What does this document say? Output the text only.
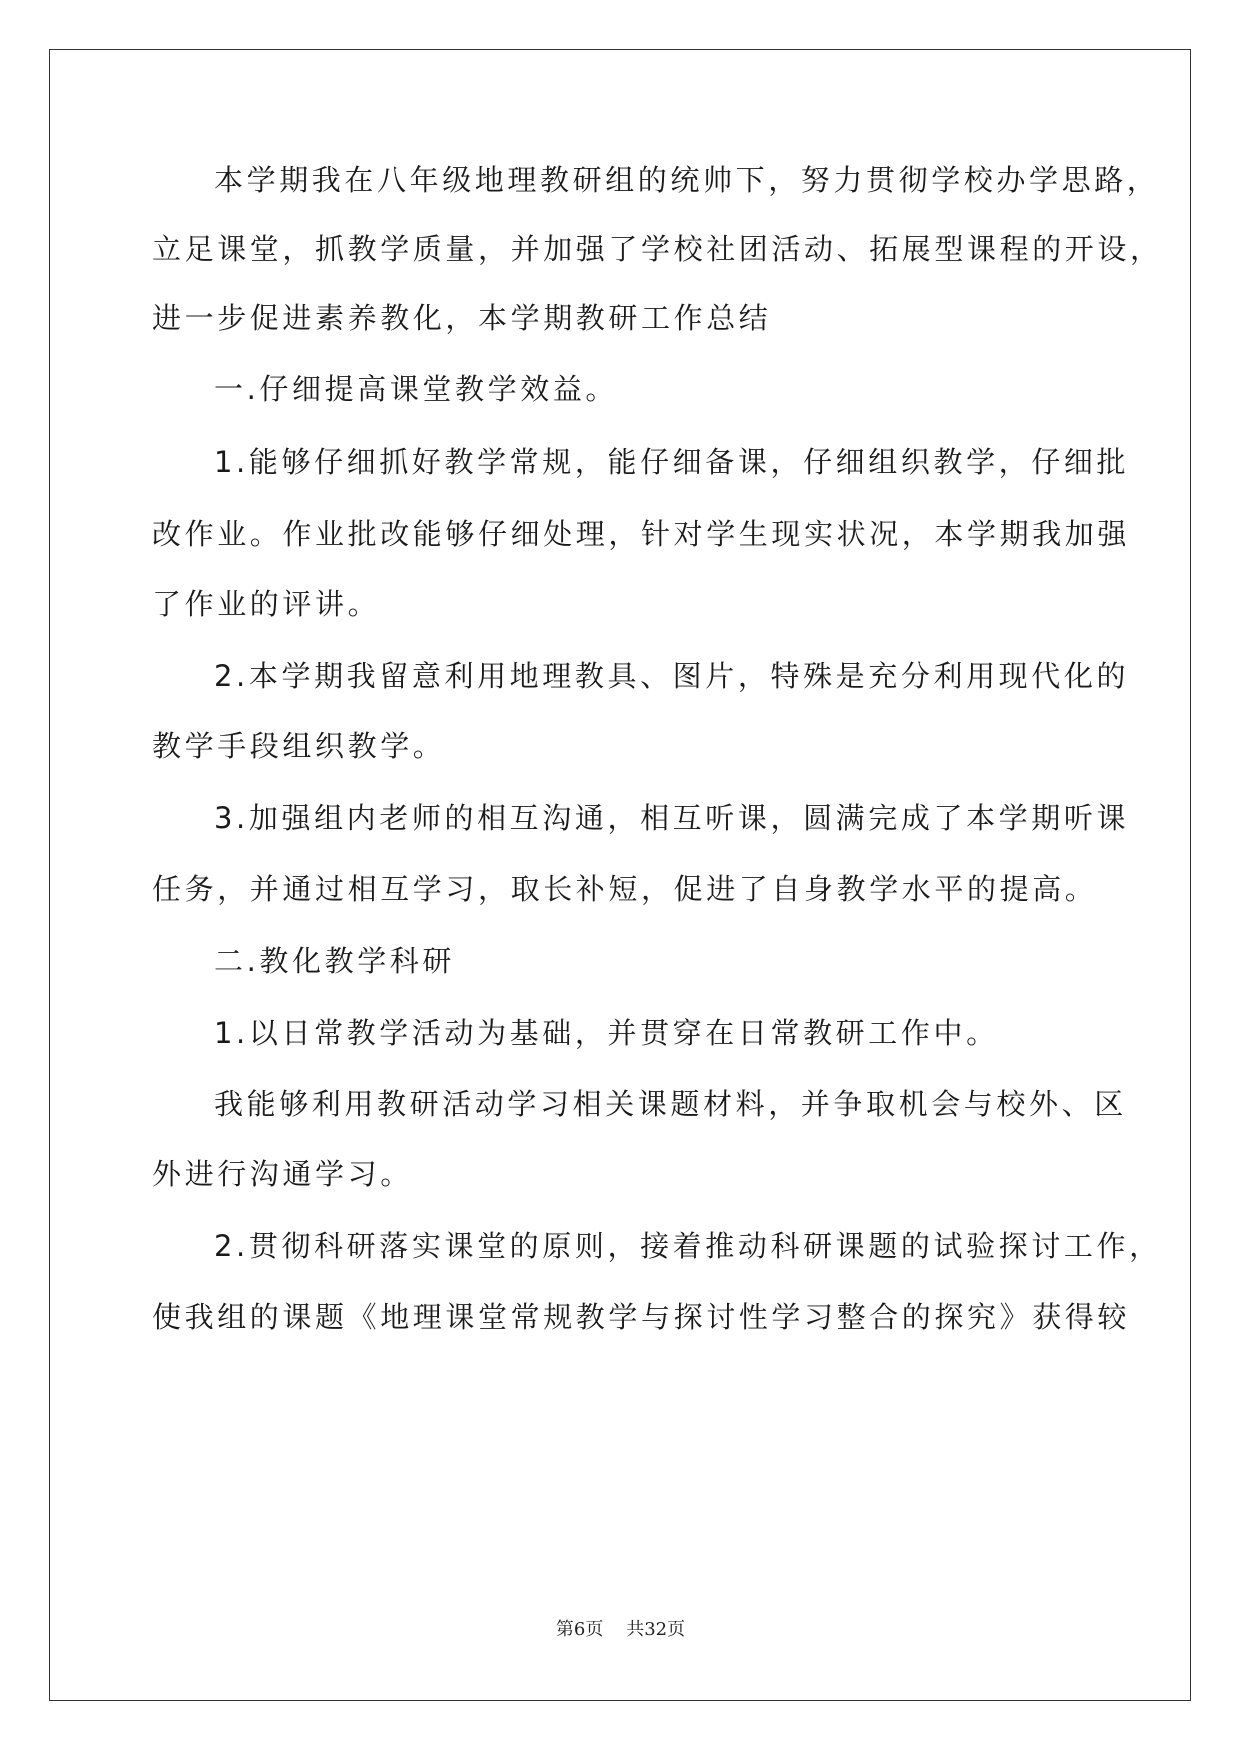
本学期我在八年级地理教研组的统帅下，努力贯彻学校办学思路，
立足课堂，抓教学质量，并加强了学校社团活动、拓展型课程的开设，
进一步促进素养教化，本学期教研工作总结
一.仔细提高课堂教学效益。
1.能够仔细抓好教学常规，能仔细备课，仔细组织教学，仔细批
改作业。作业批改能够仔细处理，针对学生现实状况，本学期我加强
了作业的评讲。
2.本学期我留意利用地理教具、图片，特殊是充分利用现代化的
教学手段组织教学。
3.加强组内老师的相互沟通，相互听课，圆满完成了本学期听课
任务，并通过相互学习，取长补短，促进了自身教学水平的提高。
二.教化教学科研
1.以日常教学活动为基础，并贯穿在日常教研工作中。
我能够利用教研活动学习相关课题材料，并争取机会与校外、区
外进行沟通学习。
2.贯彻科研落实课堂的原则，接着推动科研课题的试验探讨工作，
使我组的课题《地理课堂常规教学与探讨性学习整合的探究》获得较
第6页    共32页
